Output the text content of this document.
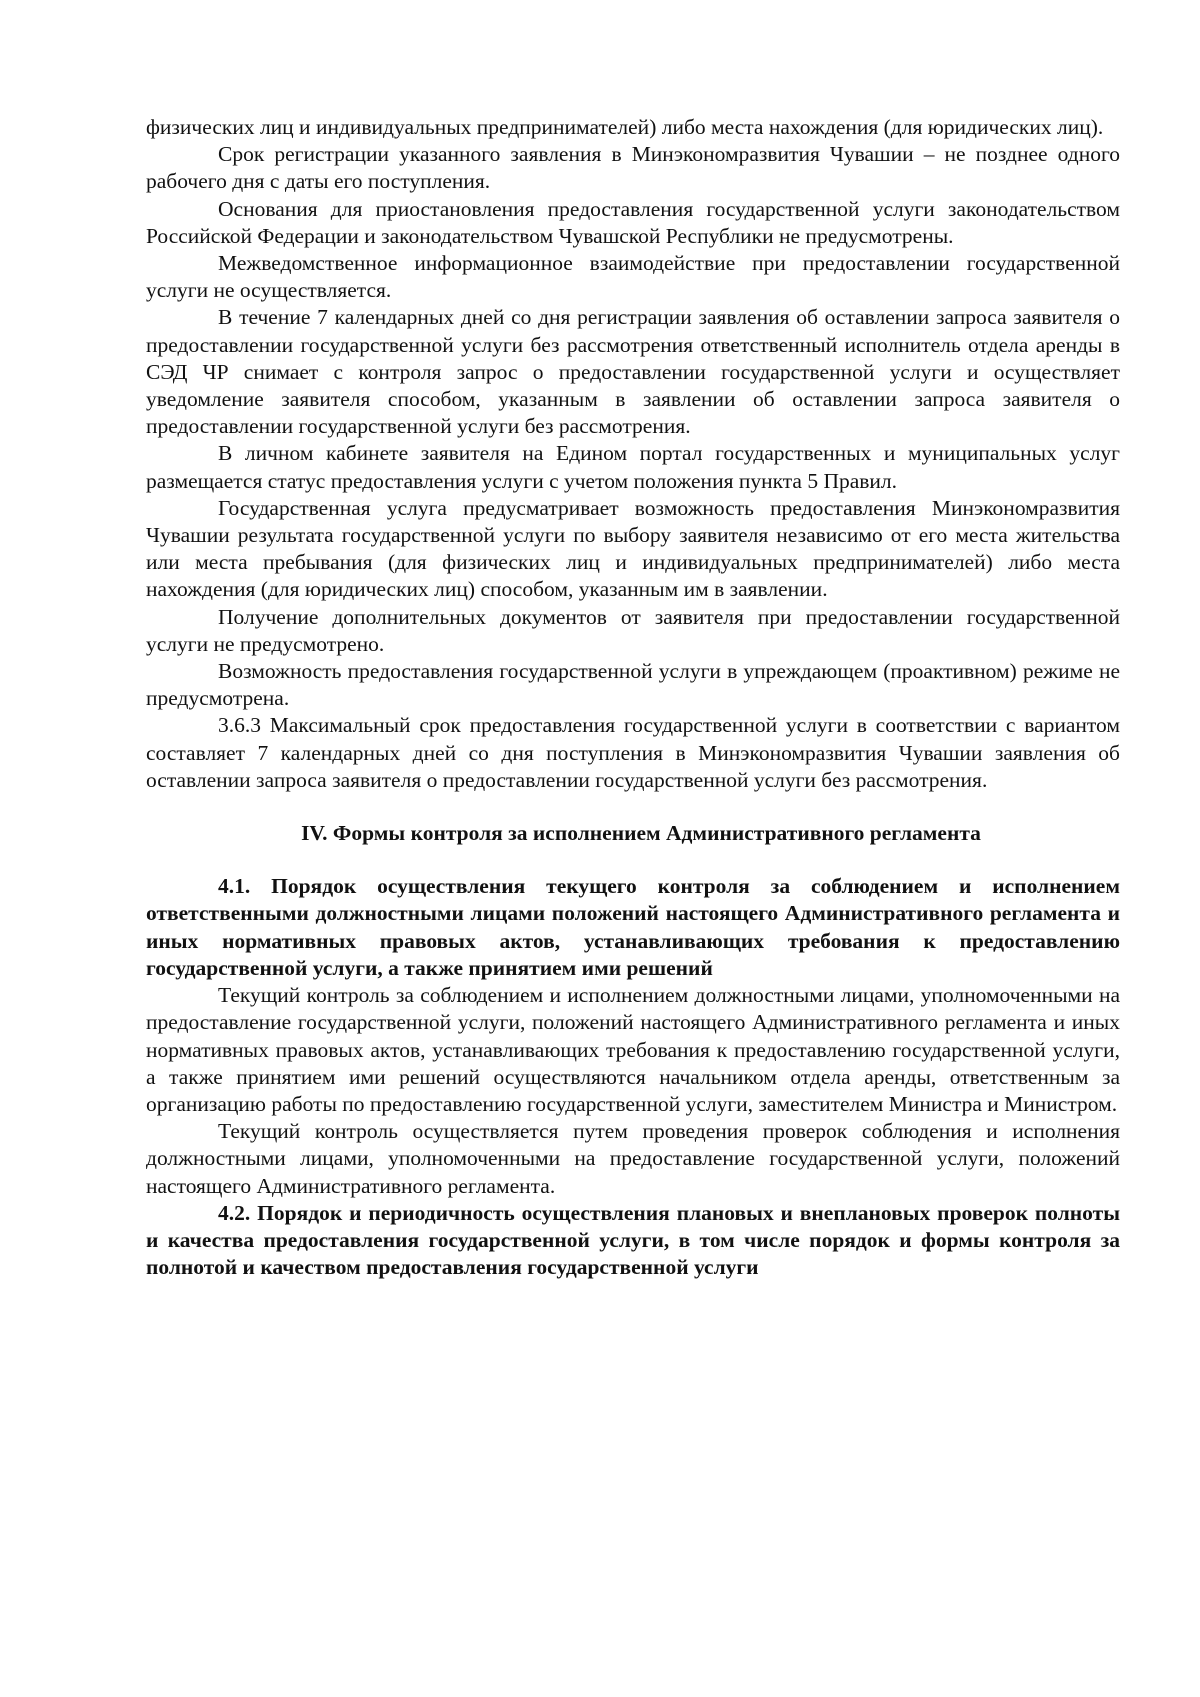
физических лиц и индивидуальных предпринимателей) либо места нахождения (для юридических лиц).

Срок регистрации указанного заявления в Минэкономразвития Чувашии – не позднее одного рабочего дня с даты его поступления.

Основания для приостановления предоставления государственной услуги законодательством Российской Федерации и законодательством Чувашской Республики не предусмотрены.

Межведомственное информационное взаимодействие при предоставлении государственной услуги не осуществляется.

В течение 7 календарных дней со дня регистрации заявления об оставлении запроса заявителя о предоставлении государственной услуги без рассмотрения ответственный исполнитель отдела аренды в СЭД ЧР снимает с контроля запрос о предоставлении государственной услуги и осуществляет уведомление заявителя способом, указанным в заявлении об оставлении запроса заявителя о предоставлении государственной услуги без рассмотрения.

В личном кабинете заявителя на Едином портал государственных и муниципальных услуг размещается статус предоставления услуги с учетом положения пункта 5 Правил.

Государственная услуга предусматривает возможность предоставления Минэкономразвития Чувашии результата государственной услуги по выбору заявителя независимо от его места жительства или места пребывания (для физических лиц и индивидуальных предпринимателей) либо места нахождения (для юридических лиц) способом, указанным им в заявлении.

Получение дополнительных документов от заявителя при предоставлении государственной услуги не предусмотрено.

Возможность предоставления государственной услуги в упреждающем (проактивном) режиме не предусмотрена.

3.6.3 Максимальный срок предоставления государственной услуги в соответствии с вариантом составляет 7 календарных дней со дня поступления в Минэкономразвития Чувашии заявления об оставлении запроса заявителя о предоставлении государственной услуги без рассмотрения.

IV. Формы контроля за исполнением Административного регламента

4.1. Порядок осуществления текущего контроля за соблюдением и исполнением ответственными должностными лицами положений настоящего Административного регламента и иных нормативных правовых актов, устанавливающих требования к предоставлению государственной услуги, а также принятием ими решений

Текущий контроль за соблюдением и исполнением должностными лицами, уполномоченными на предоставление государственной услуги, положений настоящего Административного регламента и иных нормативных правовых актов, устанавливающих требования к предоставлению государственной услуги, а также принятием ими решений осуществляются начальником отдела аренды, ответственным за организацию работы по предоставлению государственной услуги, заместителем Министра и Министром.

Текущий контроль осуществляется путем проведения проверок соблюдения и исполнения должностными лицами, уполномоченными на предоставление государственной услуги, положений настоящего Административного регламента.

4.2. Порядок и периодичность осуществления плановых и внеплановых проверок полноты и качества предоставления государственной услуги, в том числе порядок и формы контроля за полнотой и качеством предоставления государственной услуги
